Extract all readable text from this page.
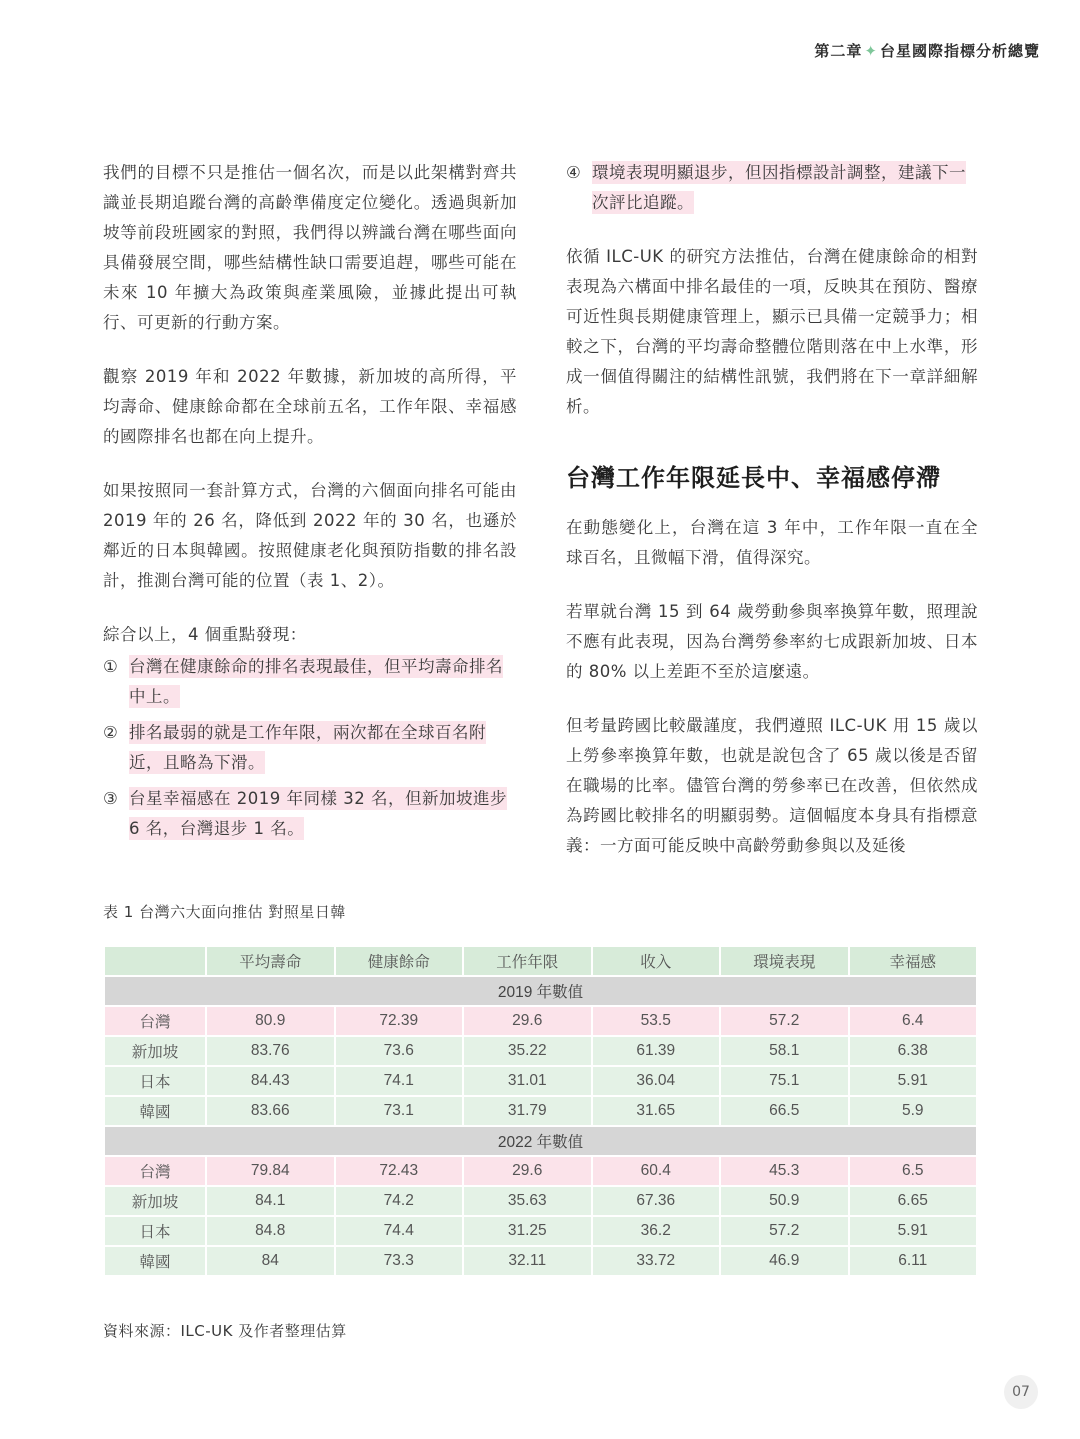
第二章 ✦ 台星國際指標分析總覽

我們的目標不只是推估一個名次，而是以此架構對齊共識並長期追蹤台灣的高齡準備度定位變化。透過與新加坡等前段班國家的對照，我們得以辨識台灣在哪些面向具備發展空間，哪些結構性缺口需要追趕，哪些可能在未來 10 年擴大為政策與產業風險，並據此提出可執行、可更新的行動方案。

觀察 2019 年和 2022 年數據，新加坡的高所得，平均壽命、健康餘命都在全球前五名，工作年限、幸福感的國際排名也都在向上提升。

如果按照同一套計算方式，台灣的六個面向排名可能由 2019 年的 26 名，降低到 2022 年的 30 名，也遜於鄰近的日本與韓國。按照健康老化與預防指數的排名設計，推測台灣可能的位置（表 1、2）。

綜合以上，4 個重點發現：

① 台灣在健康餘命的排名表現最佳，但平均壽命排名中上。
② 排名最弱的就是工作年限，兩次都在全球百名附近，且略為下滑。
③ 台星幸福感在 2019 年同樣 32 名，但新加坡進步 6 名，台灣退步 1 名。
④ 環境表現明顯退步，但因指標設計調整，建議下一次評比追蹤。

依循 ILC-UK 的研究方法推估，台灣在健康餘命的相對表現為六構面中排名最佳的一項，反映其在預防、醫療可近性與長期健康管理上，顯示已具備一定競爭力；相較之下，台灣的平均壽命整體位階則落在中上水準，形成一個值得關注的結構性訊號，我們將在下一章詳細解析。

台灣工作年限延長中、幸福感停滯

在動態變化上，台灣在這 3 年中，工作年限一直在全球百名，且微幅下滑，值得深究。

若單就台灣 15 到 64 歲勞動參與率換算年數，照理說不應有此表現，因為台灣勞參率約七成跟新加坡、日本的 80% 以上差距不至於這麼遠。

但考量跨國比較嚴謹度，我們遵照 ILC-UK 用 15 歲以上勞參率換算年數，也就是說包含了 65 歲以後是否留在職場的比率。儘管台灣的勞參率已在改善，但依然成為跨國比較排名的明顯弱勢。這個幅度本身具有指標意義：一方面可能反映中高齡勞動參與以及延後

表 1 台灣六大面向推估 對照星日韓
	平均壽命	健康餘命	工作年限	收入	環境表現	幸福感
2019 年數值						
台灣	80.9	72.39	29.6	53.5	57.2	6.4
新加坡	83.76	73.6	35.22	61.39	58.1	6.38
日本	84.43	74.1	31.01	36.04	75.1	5.91
韓國	83.66	73.1	31.79	31.65	66.5	5.9
2022 年數值						
台灣	79.84	72.43	29.6	60.4	45.3	6.5
新加坡	84.1	74.2	35.63	67.36	50.9	6.65
日本	84.8	74.4	31.25	36.2	57.2	5.91
韓國	84	73.3	32.11	33.72	46.9	6.11
資料來源：ILC-UK 及作者整理估算
07
